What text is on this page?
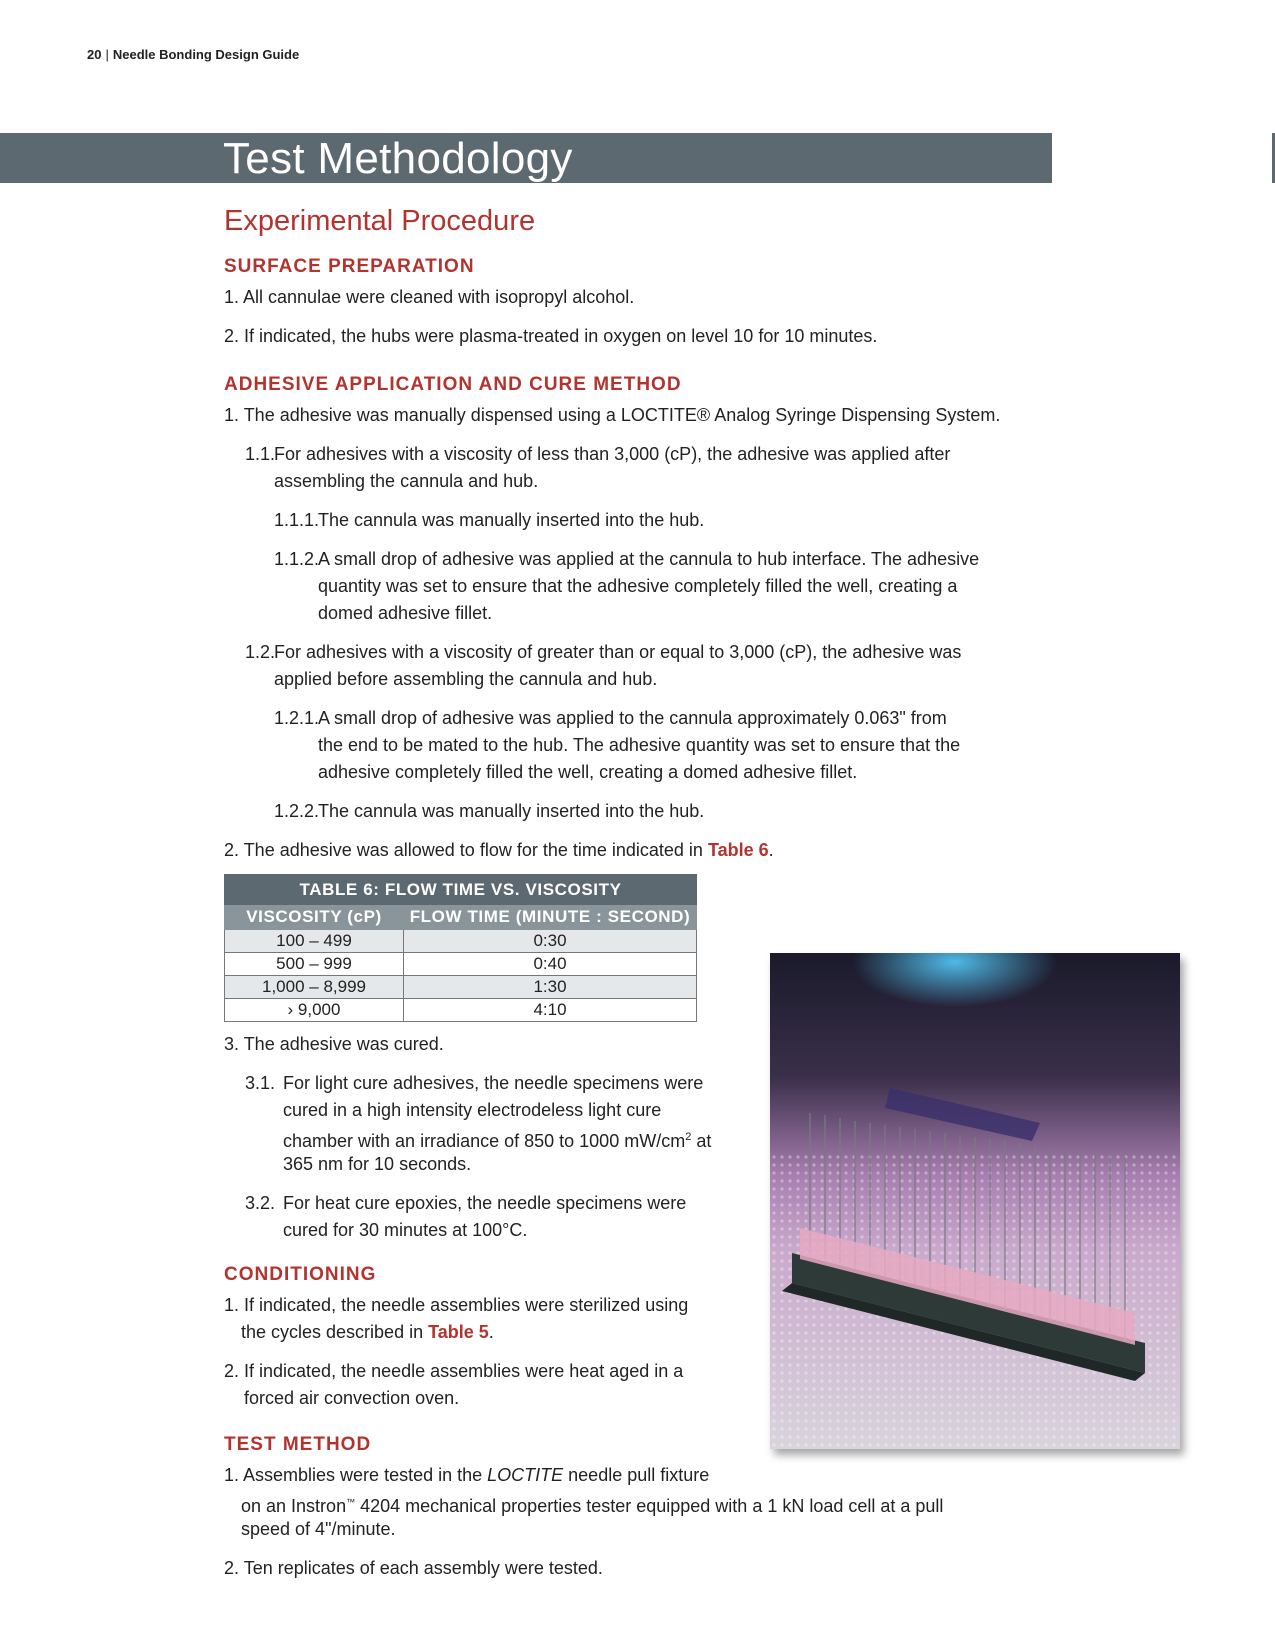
20 | Needle Bonding Design Guide
Test Methodology
Experimental Procedure
SURFACE PREPARATION

1. All cannulae were cleaned with isopropyl alcohol.

2. If indicated, the hubs were plasma-treated in oxygen on level 10 for 10 minutes.

ADHESIVE APPLICATION AND CURE METHOD

1. The adhesive was manually dispensed using a LOCTITE® Analog Syringe Dispensing System.

1.1.

For adhesives with a viscosity of less than 3,000 (cP), the adhesive was applied after

assembling the cannula and hub.

1.1.1.

The cannula was manually inserted into the hub.

1.1.2.

A small drop of adhesive was applied at the cannula to hub interface. The adhesive

quantity was set to ensure that the adhesive completely filled the well, creating a

domed adhesive fillet.

1.2.

For adhesives with a viscosity of greater than or equal to 3,000 (cP), the adhesive was

applied before assembling the cannula and hub.

1.2.1.

A small drop of adhesive was applied to the cannula approximately 0.063" from

the end to be mated to the hub. The adhesive quantity was set to ensure that the

adhesive completely filled the well, creating a domed adhesive fillet.

1.2.2.

The cannula was manually inserted into the hub.

2. The adhesive was allowed to flow for the time indicated in Table 6.

TABLE 6: FLOW TIME VS. VISCOSITY	
VISCOSITY (cP)	FLOW TIME (MINUTE : SECOND)
100 – 499	0:30
500 – 999	0:40
1,000 – 8,999	1:30
› 9,000	4:10

3. The adhesive was cured.

3.1. For light cure adhesives, the needle specimens were

cured in a high intensity electrodeless light cure

chamber with an irradiance of 850 to 1000 $mW/cm^2$ at

365 nm for 10 seconds.

3.2. For heat cure epoxies, the needle specimens were

cured for 30 minutes at 100°C.

CONDITIONING

1. If indicated, the needle assemblies were sterilized using

the cycles described in Table 5.

2. If indicated, the needle assemblies were heat aged in a

forced air convection oven.

TEST METHOD

1. Assemblies were tested in the LOCTITE needle pull fixture

on an Instron™ 4204 mechanical properties tester equipped with a 1 kN load cell at a pull

speed of 4"/minute.

2. Ten replicates of each assembly were tested.
